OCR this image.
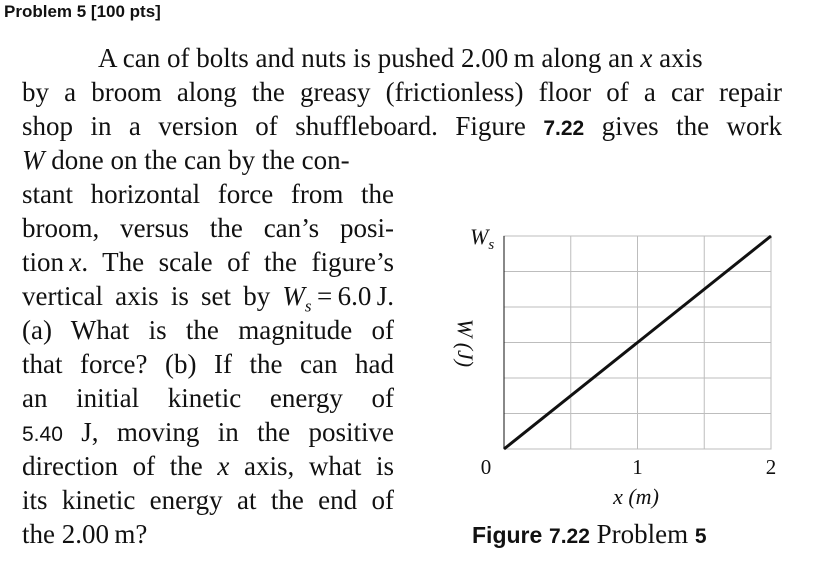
Problem 5 [100 pts]
A can of bolts and nuts is pushed 2.00 m along an x axis
by a broom along the greasy (frictionless) floor of a car repair
shop in a version of shuffleboard. Figure 7.22 gives the work
W done on the can by the con-
stant horizontal force from the
broom, versus the can’s posi-
tion x. The scale of the figure’s
vertical axis is set by $W_s = 6.0$ J.
(a) What is the magnitude of
that force? (b) If the can had
an initial kinetic energy of
5.40 J, moving in the positive
direction of the x axis, what is
its kinetic energy at the end of
the 2.00 m?
0	1	2
x (m)
W (J)
$W_s$
Figure 7.22 Problem 5
